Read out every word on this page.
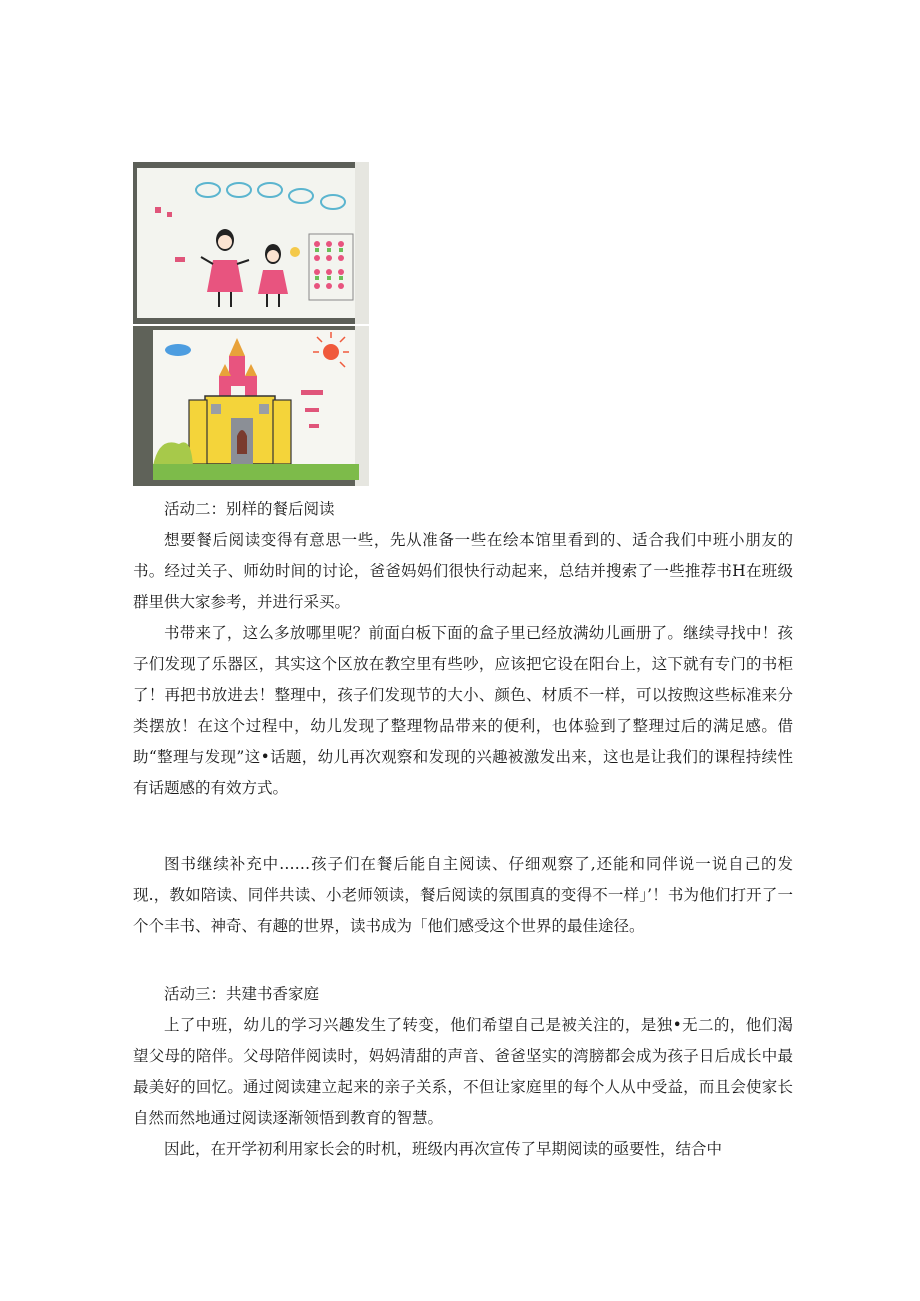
活动二：别样的餐后阅读

想要餐后阅读变得有意思一些，先从准备一些在绘本馆里看到的、适合我们中班小朋友的书。经过关子、师幼时间的讨论，爸爸妈妈们很快行动起来，总结并搜索了一些推荐书H在班级群里供大家参考，并进行采买。

书带来了，这么多放哪里呢？前面白板下面的盒子里已经放满幼儿画册了。继续寻找中！孩子们发现了乐器区，其实这个区放在教空里有些吵，应该把它设在阳台上，这下就有专门的书柜了！再把书放进去！整理中，孩子们发现节的大小、颜色、材质不一样，可以按煦这些标准来分类摆放！在这个过程中，幼儿发现了整理物品带来的便利，也体验到了整理过后的满足感。借助“整理与发现”这•话题，幼儿再次观察和发现的兴趣被激发出来，这也是让我们的课程持续性有话题感的有效方式。

图书继续补充中……孩子们在餐后能自主阅读、仔细观察了,还能和同伴说一说自己的发现.，教如陪读、同伴共读、小老师领读，餐后阅读的氛围真的变得不一样」’！书为他们打开了一个个丰书、神奇、有趣的世界，读书成为「他们感受这个世界的最佳途径。

活动三：共建书香家庭

上了中班，幼儿的学习兴趣发生了转变，他们希望自己是被关注的，是独•无二的，他们渴望父母的陪伴。父母陪伴阅读时，妈妈清甜的声音、爸爸坚实的湾膀都会成为孩子日后成长中最最美好的回忆。通过阅读建立起来的亲子关系，不但让家庭里的每个人从中受益，而且会使家长自然而然地通过阅读逐渐领悟到教育的智慧。

因此，在开学初利用家长会的时机，班级内再次宣传了早期阅读的亟要性，结合中
